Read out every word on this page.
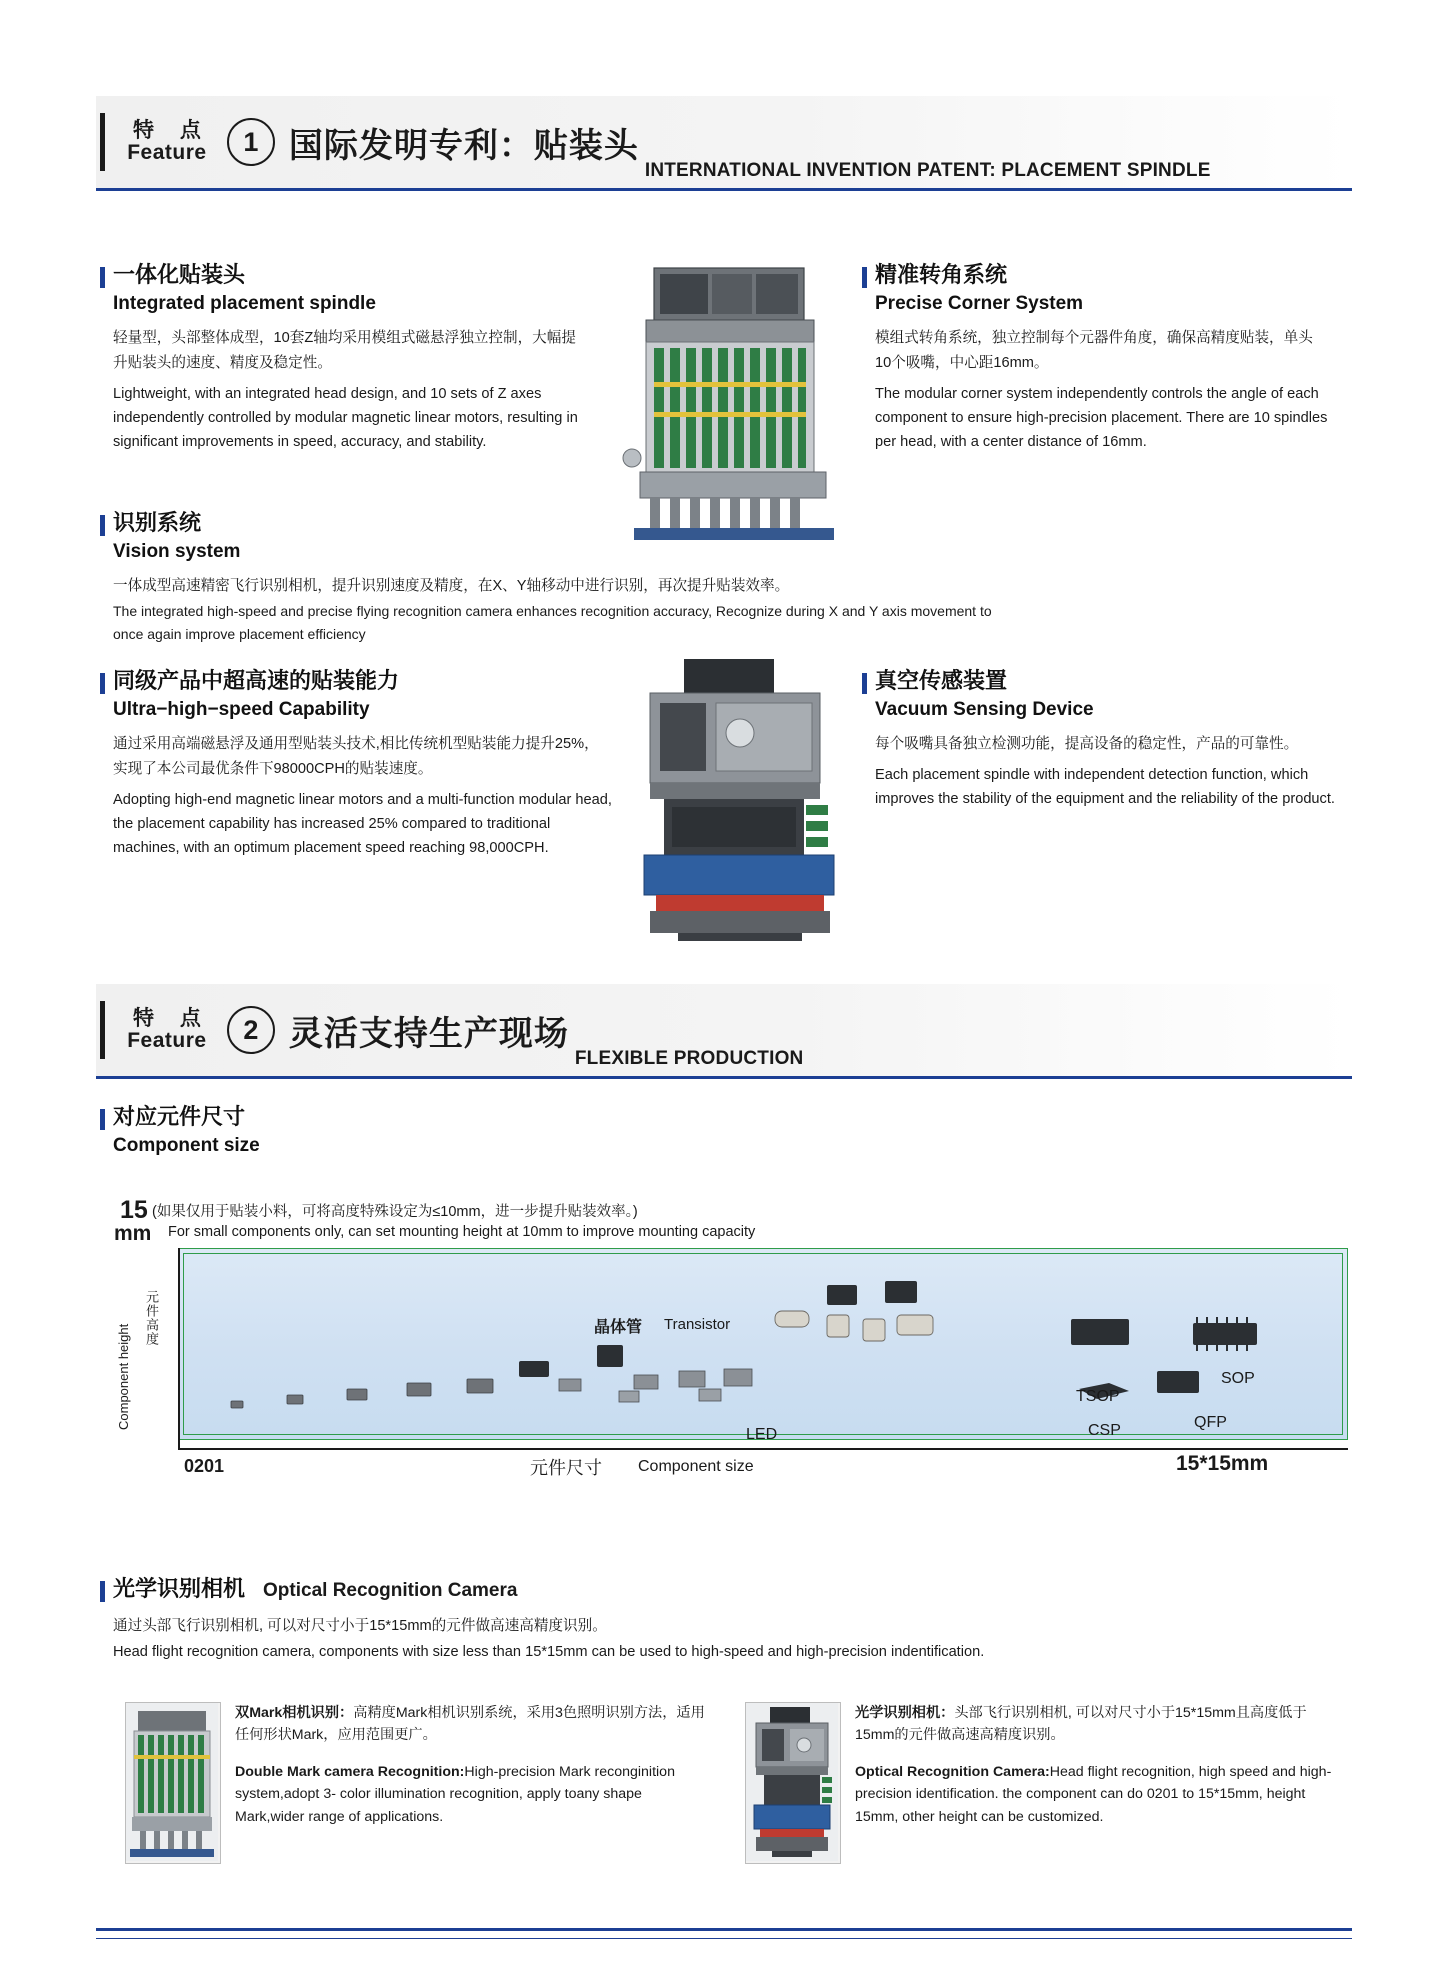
特 点
Feature	1 国际发明专利：贴装头
INTERNATIONAL INVENTION PATENT: PLACEMENT SPINDLE
一体化贴装头
Integrated placement spindle
轻量型，头部整体成型，10套Z轴均采用模组式磁悬浮独立控制，大幅提升贴装头的速度、精度及稳定性。
Lightweight, with an integrated head design, and 10 sets of Z axes independently controlled by modular magnetic linear motors, resulting in significant improvements in speed, accuracy, and stability.
精准转角系统
Precise Corner System
模组式转角系统，独立控制每个元器件角度，确保高精度贴装，单头10个吸嘴，中心距16mm。
The modular corner system independently controls the angle of each component to ensure high-precision placement. There are 10 spindles per head, with a center distance of 16mm.
识别系统
Vision system
一体成型高速精密飞行识别相机，提升识别速度及精度，在X、Y轴移动中进行识别，再次提升贴装效率。
The integrated high-speed and precise flying recognition camera enhances recognition accuracy, Recognize during X and Y axis movement to once again improve placement efficiency
同级产品中超高速的贴装能力
Ultra−high−speed Capability
通过采用高端磁悬浮及通用型贴装头技术,相比传统机型贴装能力提升25%，实现了本公司最优条件下98000CPH的贴装速度。
Adopting high-end magnetic linear motors and a multi-function modular head, the placement capability has increased 25% compared to traditional machines, with an optimum placement speed reaching 98,000CPH.
真空传感装置
Vacuum Sensing Device
每个吸嘴具备独立检测功能，提高设备的稳定性，产品的可靠性。
Each placement spindle with independent detection function, which improves the stability of the equipment and the reliability of the product.
特 点
Feature	2 灵活支持生产现场
FLEXIBLE PRODUCTION
对应元件尺寸
Component size
15
mm
(如果仅用于贴装小料，可将高度特殊设定为≤10mm，进一步提升贴装效率。)
For small components only, can set mounting height at 10mm to improve mounting capacity
晶体管 Transistor
LED
TSOP
SOP
CSP	QFP
元件高度
Component height
0201	15*15mm
元件尺寸 Component size
光学识别相机 Optical Recognition Camera
通过头部飞行识别相机, 可以对尺寸小于15*15mm的元件做高速高精度识别。
Head flight recognition camera, components with size less than 15*15mm can be used to high-speed and high-precision indentification.
双Mark相机识别：高精度Mark相机识别系统，采用3色照明识别方法，适用任何形状Mark，应用范围更广。
Double Mark camera Recognition:High-precision Mark reconginition system,adopt 3- color illumination recognition, apply toany shape Mark,wider range of applications.
光学识别相机：头部飞行识别相机, 可以对尺寸小于15*15mm且高度低于15mm的元件做高速高精度识别。
Optical Recognition Camera:Head flight recognition, high speed and high-precision identification. the component can do 0201 to 15*15mm, height 15mm, other height can be customized.
